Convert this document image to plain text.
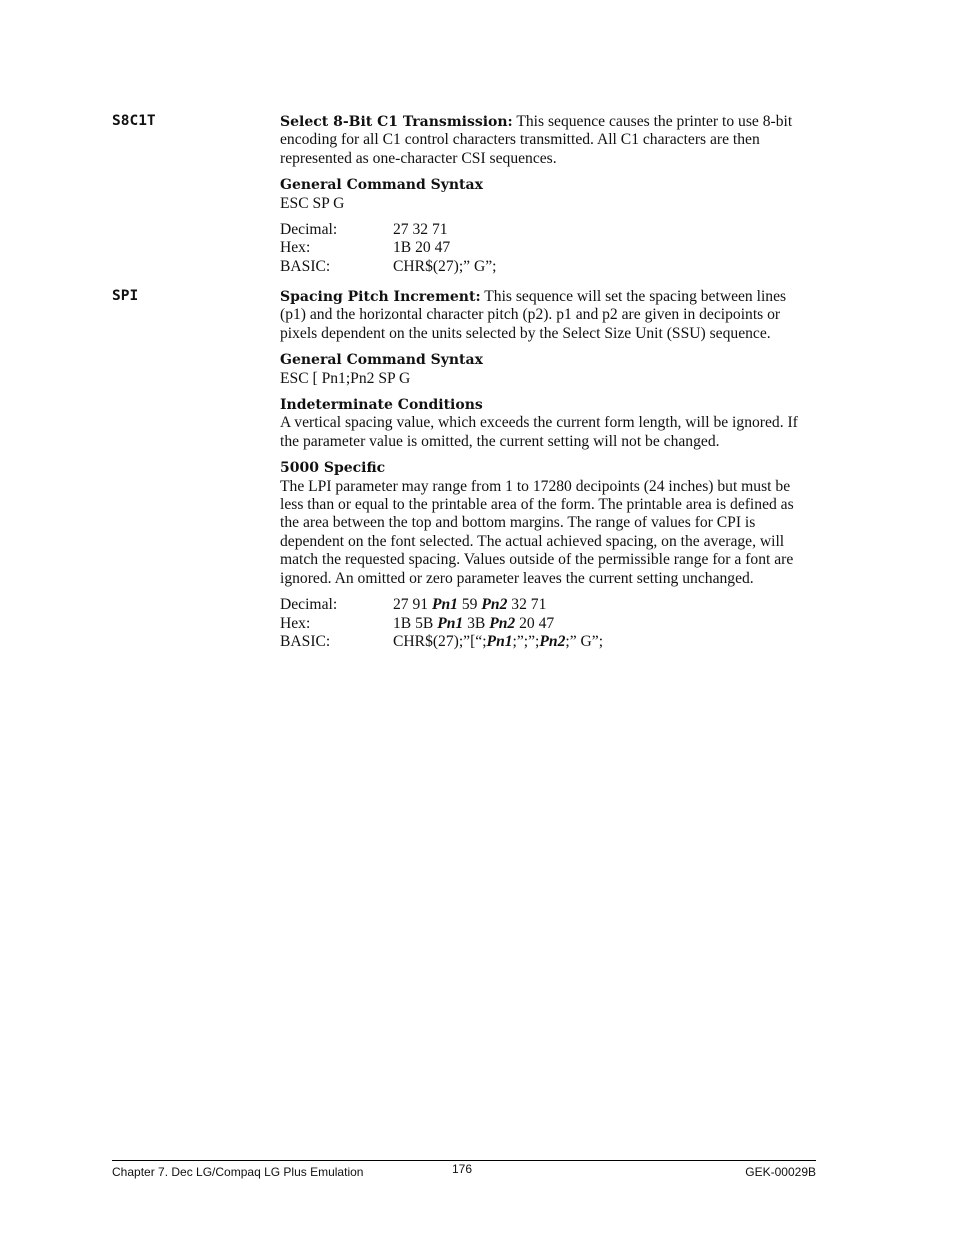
S8C1T	Select 8-Bit C1 Transmission: This sequence causes the printer to use 8-bit encoding for all C1 control characters transmitted. All C1 characters are then represented as one-character CSI sequences.

General Command Syntax
ESC SP G
Decimal:	27 32 71
Hex:	1B 20 47
BASIC:	CHR$(27);” G”;
SPI	Spacing Pitch Increment: This sequence will set the spacing between lines (p1) and the horizontal character pitch (p2). p1 and p2 are given in decipoints or pixels dependent on the units selected by the Select Size Unit (SSU) sequence.

General Command Syntax
ESC [ Pn1;Pn2 SP G
Indeterminate Conditions

A vertical spacing value, which exceeds the current form length, will be ignored. If the parameter value is omitted, the current setting will not be changed.

5000 Specific

The LPI parameter may range from 1 to 17280 decipoints (24 inches) but must be less than or equal to the printable area of the form. The printable area is defined as the area between the top and bottom margins. The range of values for CPI is dependent on the font selected. The actual achieved spacing, on the average, will match the requested spacing. Values outside of the permissible range for a font are ignored. An omitted or zero parameter leaves the current setting unchanged.

Decimal:	27 91 Pn1 59 Pn2 32 71
Hex:	1B 5B Pn1 3B Pn2 20 47
BASIC:	CHR$(27);”[“;Pn1;”;”;Pn2;” G”;
Chapter 7. Dec LG/Compaq LG Plus Emulation	176	GEK-00029B
